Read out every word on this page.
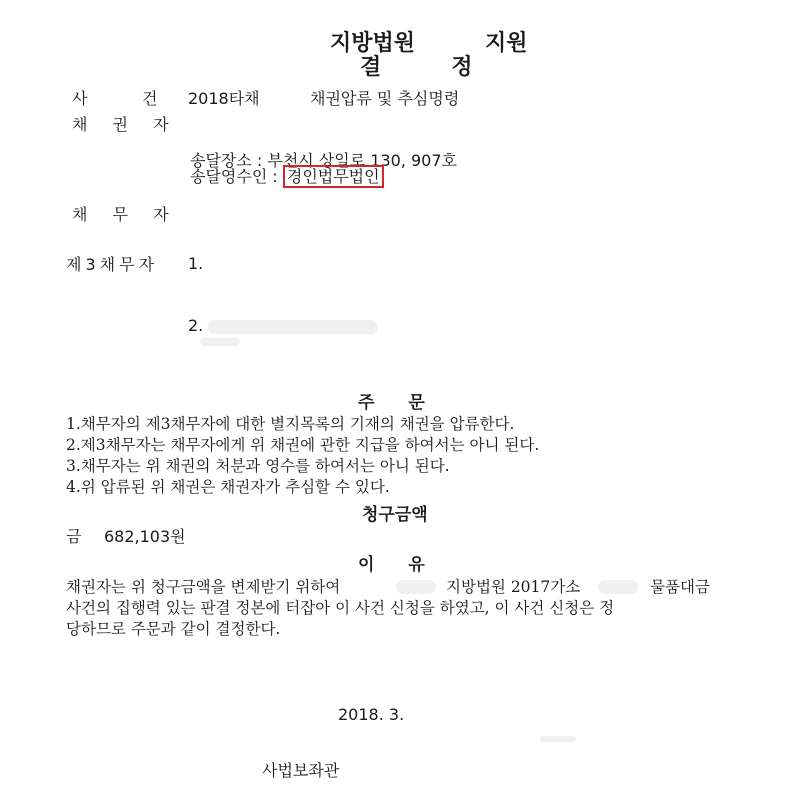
지방법원	지원
결	정
사	건 2018타채	채권압류 및 추심명령
채 권 자
송달장소 : 부천시 상일로 130, 907호
송달영수인 : 경인법무법인
채 무 자
제3채무자 1.
2.
주 문
1.채무자의 제3채무자에 대한 별지목록의 기재의 채권을 압류한다.
2.제3채무자는 채무자에게 위 채권에 관한 지급을 하여서는 아니 된다.
3.채무자는 위 채권의 처분과 영수를 하여서는 아니 된다.
4.위 압류된 위 채권은 채권자가 추심할 수 있다.
청구금액
금 682,103원
이 유
채권자는 위 청구금액을 변제받기 위하여	지방법원 2017가소	물품대금
사건의 집행력 있는 판결 정본에 터잡아 이 사건 신청을 하였고, 이 사건 신청은 정
당하므로 주문과 같이 결정한다.
2018. 3.
사법보좌관
